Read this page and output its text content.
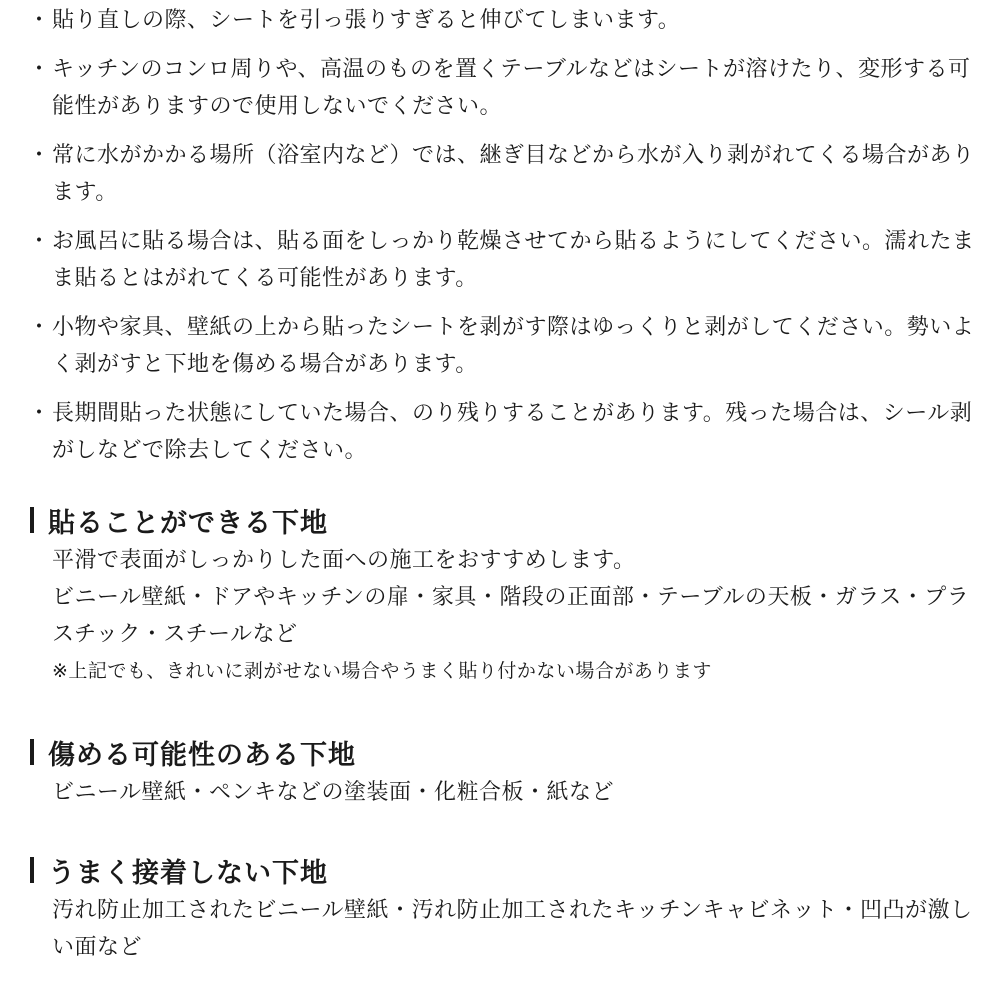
・ 貼り直しの際、シートを引っ張りすぎると伸びてしまいます。
・ キッチンのコンロ周りや、高温のものを置くテーブルなどはシートが溶けたり、変形する可能性がありますので使用しないでください。
・ 常に水がかかる場所（浴室内など）では、継ぎ目などから水が入り剥がれてくる場合があります。
・ お風呂に貼る場合は、貼る面をしっかり乾燥させてから貼るようにしてください。濡れたまま貼るとはがれてくる可能性があります。
・ 小物や家具、壁紙の上から貼ったシートを剥がす際はゆっくりと剥がしてください。勢いよく剥がすと下地を傷める場合があります。
・ 長期間貼った状態にしていた場合、のり残りすることがあります。残った場合は、シール剥がしなどで除去してください。
貼ることができる下地
平滑で表面がしっかりした面への施工をおすすめします。
ビニール壁紙・ドアやキッチンの扉・家具・階段の正面部・テーブルの天板・ガラス・プラスチック・スチールなど
※上記でも、きれいに剥がせない場合やうまく貼り付かない場合があります
傷める可能性のある下地
ビニール壁紙・ペンキなどの塗装面・化粧合板・紙など
うまく接着しない下地
汚れ防止加工されたビニール壁紙・汚れ防止加工されたキッチンキャビネット・凹凸が激しい面など
